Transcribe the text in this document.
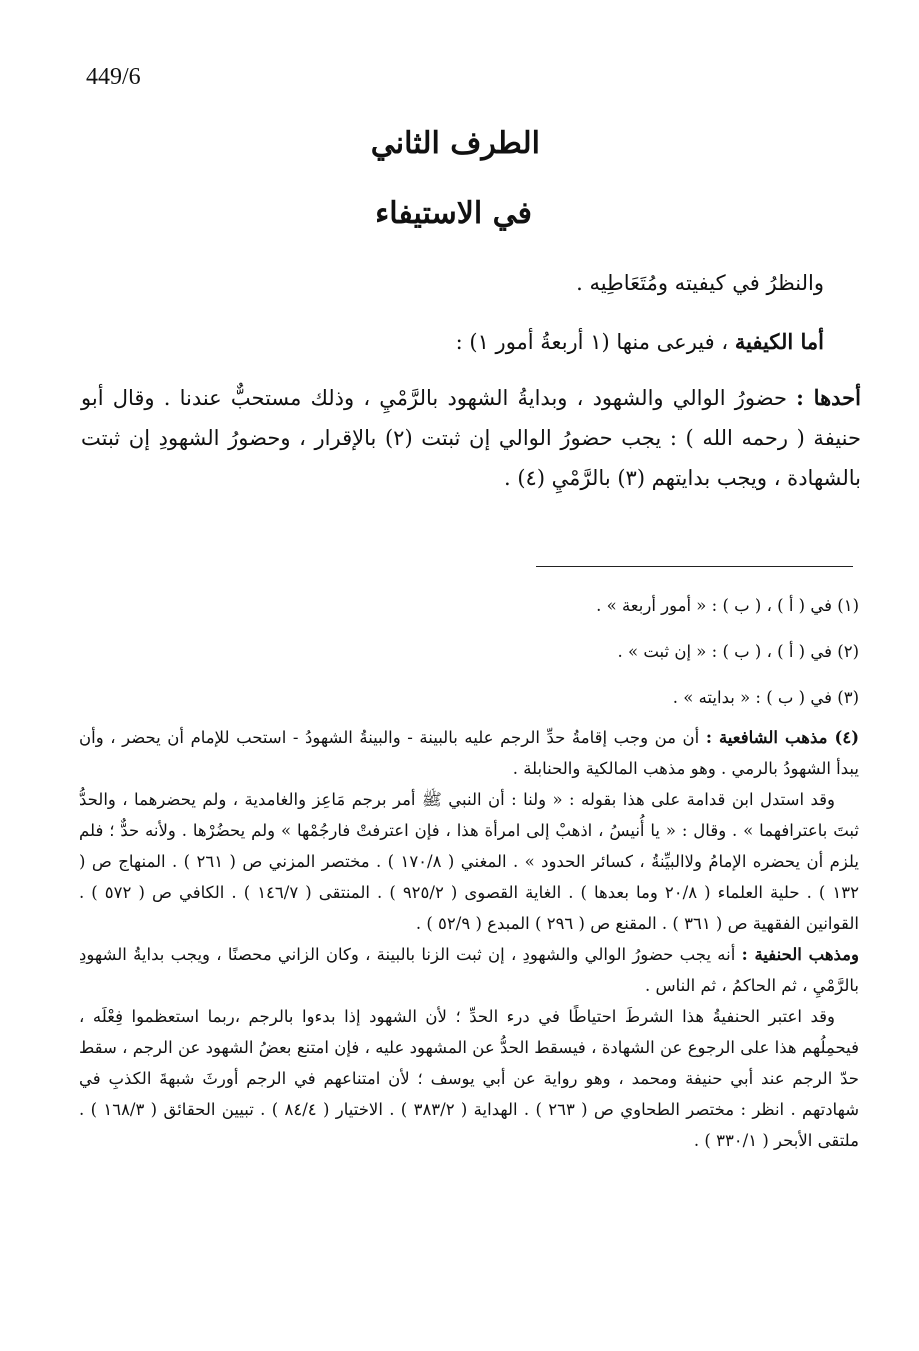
449/6
الطرف الثاني
في الاستيفاء
والنظرُ في كيفيته ومُتَعَاطِيه .
أما الكيفية ، فيرعى منها (١ أربعةُ أمور ١) :
أحدها : حضورُ الوالي والشهود ، وبدايةُ الشهود بالرَّمْيِ ، وذلك مستحبٌّ عندنا . وقال أبو حنيفة ( رحمه الله ) : يجب حضورُ الوالي إن ثبتت (٢) بالإقرار ، وحضورُ الشهودِ إن ثبتت بالشهادة ، ويجب بدايتهم (٣) بالرَّمْيِ (٤) .
(١) في ( أ ) ، ( ب ) : « أمور أربعة » .
(٢) في ( أ ) ، ( ب ) : « إن ثبت » .
(٣) في ( ب ) : « بدايته » .

(٤) مذهب الشافعية : أن من وجب إقامةُ حدِّ الرجم عليه بالبينة - والبينةُ الشهودُ - استحب للإمام أن يحضر ، وأن يبدأ الشهودُ بالرمي . وهو مذهب المالكية والحنابلة .

وقد استدل ابن قدامة على هذا بقوله : « ولنا : أن النبي ﷺ أمر برجم مَاعِز والغامدية ، ولم يحضرهما ، والحدُّ ثبتَ باعترافهما » . وقال : « يا أُنيسُ ، اذهبْ إلى امرأة هذا ، فإن اعترفتْ فارجُمْها » ولم يحضُرْها . ولأنه حدٌّ ؛ فلم يلزم أن يحضره الإمامُ ولاالبيِّنةُ ، كسائر الحدود » . المغني ( ١٧٠/٨ ) . مختصر المزني ص ( ٢٦١ ) . المنهاج ص ( ١٣٢ ) . حلية العلماء ( ٢٠/٨ وما بعدها ) . الغاية القصوى ( ٩٢٥/٢ ) . المنتقى ( ١٤٦/٧ ) . الكافي ص ( ٥٧٢ ) . القوانين الفقهية ص ( ٣٦١ ) . المقنع ص ( ٢٩٦ ) المبدع ( ٥٢/٩ ) .

ومذهب الحنفية : أنه يجب حضورُ الوالي والشهودِ ، إن ثبت الزنا بالبينة ، وكان الزاني محصنًا ، ويجب بدايةُ الشهودِ بالرَّمْيِ ، ثم الحاكمُ ، ثم الناس .

وقد اعتبر الحنفيةُ هذا الشرطَ احتياطًا في درء الحدِّ ؛ لأن الشهود إذا بدءوا بالرجم ،ربما استعظموا فِعْلَه ، فيحمِلُهم هذا على الرجوع عن الشهادة ، فيسقط الحدُّ عن المشهود عليه ، فإن امتنع بعضُ الشهود عن الرجم ، سقط حدّ الرجم عند أبي حنيفة ومحمد ، وهو رواية عن أبي يوسف ؛ لأن امتناعهم في الرجم أورثَ شبهةَ الكذبِ في شهادتهم . انظر : مختصر الطحاوي ص ( ٢٦٣ ) . الهداية ( ٣٨٣/٢ ) . الاختيار ( ٨٤/٤ ) . تبيين الحقائق ( ١٦٨/٣ ) . ملتقى الأبحر ( ٣٣٠/١ ) .
